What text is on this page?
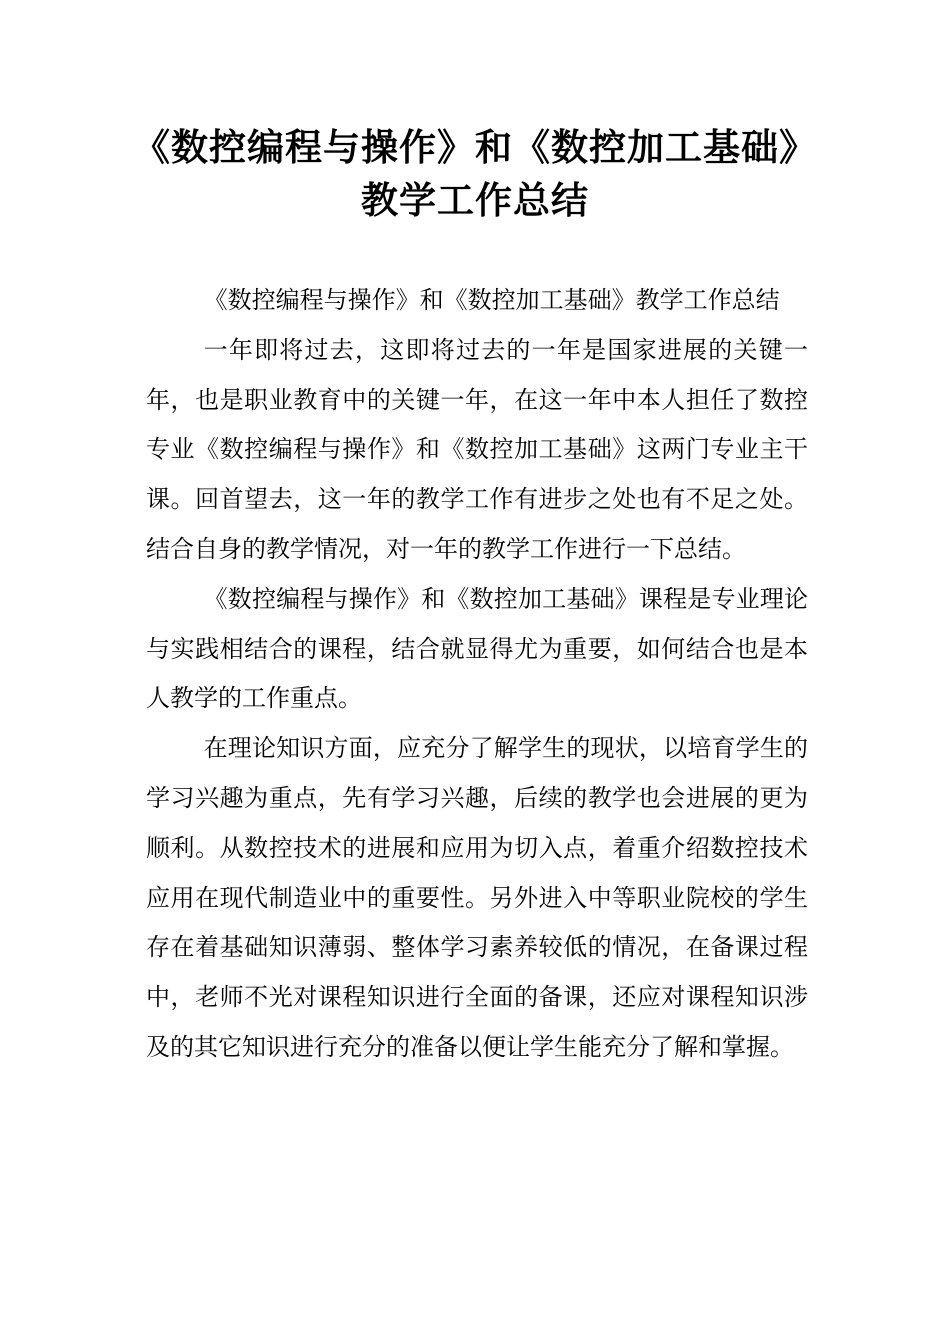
《数控编程与操作》和《数控加工基础》教学工作总结

《数控编程与操作》和《数控加工基础》教学工作总结

一年即将过去，这即将过去的一年是国家进展的关键一年，也是职业教育中的关键一年，在这一年中本人担任了数控专业《数控编程与操作》和《数控加工基础》这两门专业主干课。回首望去，这一年的教学工作有进步之处也有不足之处。结合自身的教学情况，对一年的教学工作进行一下总结。

《数控编程与操作》和《数控加工基础》课程是专业理论与实践相结合的课程，结合就显得尤为重要，如何结合也是本人教学的工作重点。

在理论知识方面，应充分了解学生的现状，以培育学生的学习兴趣为重点，先有学习兴趣，后续的教学也会进展的更为顺利。从数控技术的进展和应用为切入点，着重介绍数控技术应用在现代制造业中的重要性。另外进入中等职业院校的学生存在着基础知识薄弱、整体学习素养较低的情况，在备课过程中，老师不光对课程知识进行全面的备课，还应对课程知识涉及的其它知识进行充分的准备以便让学生能充分了解和掌握。
